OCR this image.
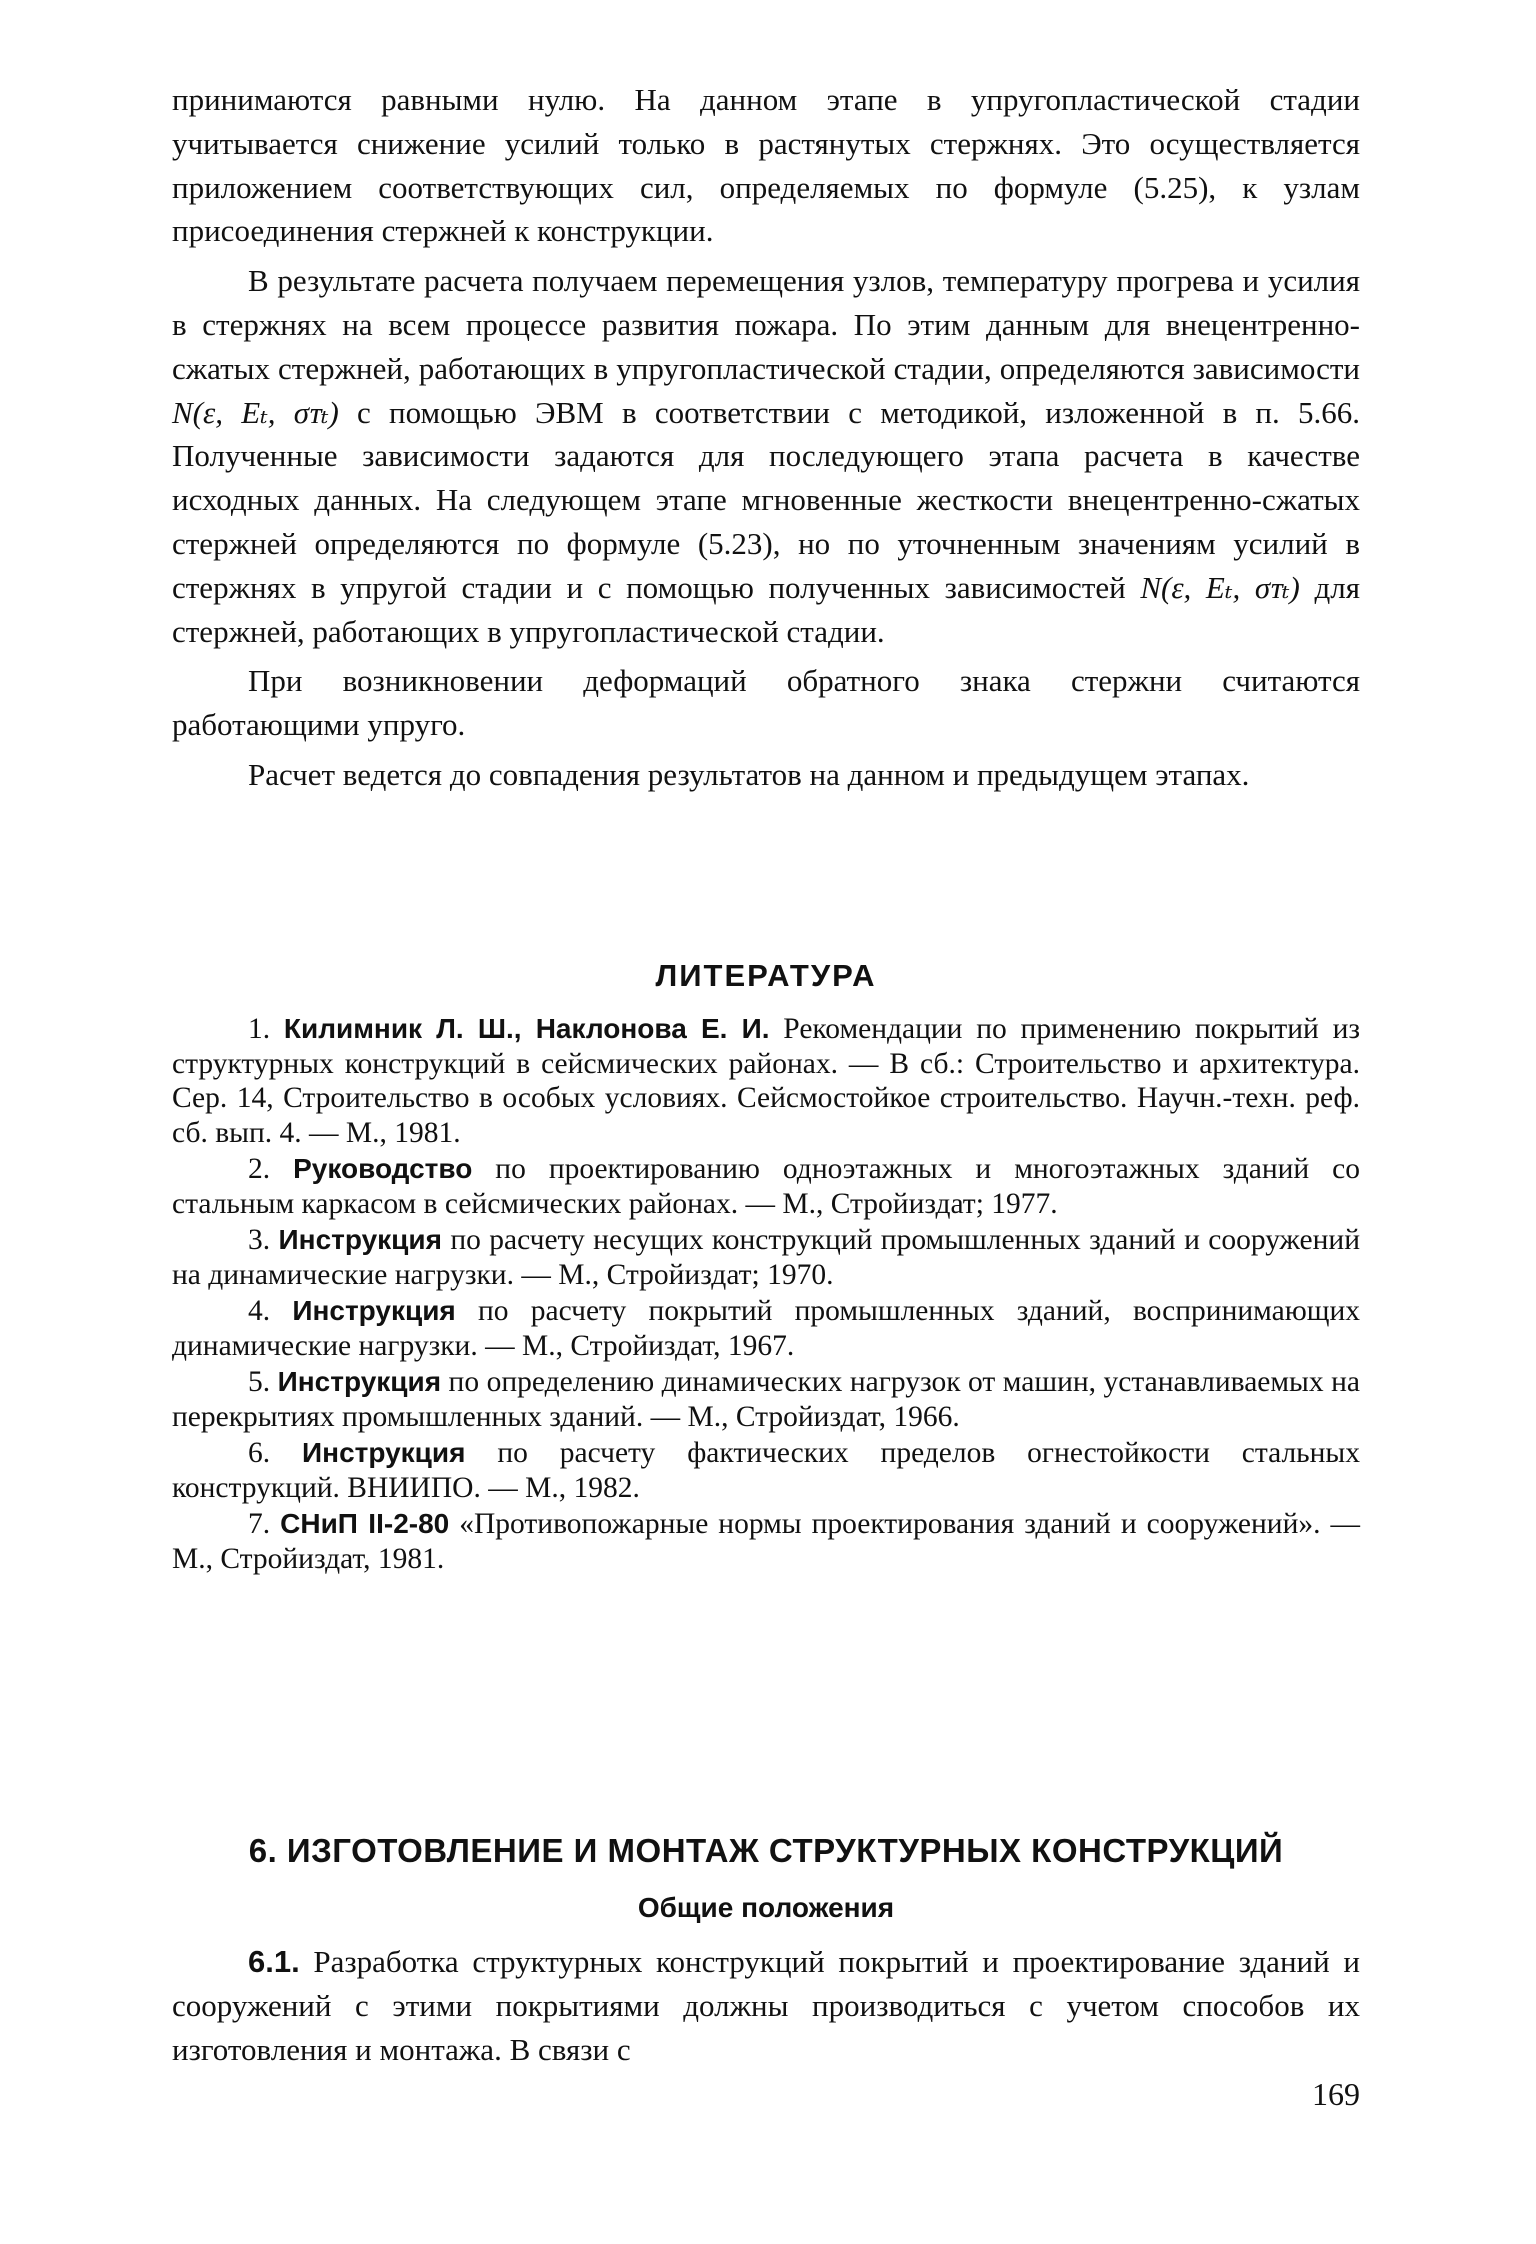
принимаются равными нулю. На данном этапе в упругопластической стадии учитывается снижение усилий только в растянутых стержнях. Это осуществляется приложением соответствующих сил, определяемых по формуле (5.25), к узлам присоединения стержней к конструкции.

В результате расчета получаем перемещения узлов, температуру прогрева и усилия в стержнях на всем процессе развития пожара. По этим данным для внецентренно-сжатых стержней, работающих в упругопластической стадии, определяются зависимости N(ε, Eₜ, σᴛₜ) с помощью ЭВМ в соответствии с методикой, изложенной в п. 5.66. Полученные зависимости задаются для последующего этапа расчета в качестве исходных данных. На следующем этапе мгновенные жесткости внецентренно-сжатых стержней определяются по формуле (5.23), но по уточненным значениям усилий в стержнях в упругой стадии и с помощью полученных зависимостей N(ε, Eₜ, σᴛₜ) для стержней, работающих в упругопластической стадии.

При возникновении деформаций обратного знака стержни считаются работающими упруго.

Расчет ведется до совпадения результатов на данном и предыдущем этапах.

ЛИТЕРАТУРА

1. Килимник Л. Ш., Наклонова Е. И. Рекомендации по применению покрытий из структурных конструкций в сейсмических районах. — В сб.: Строительство и архитектура. Сер. 14, Строительство в особых условиях. Сейсмостойкое строительство. Научн.-техн. реф. сб. вып. 4. — М., 1981.

2. Руководство по проектированию одноэтажных и многоэтажных зданий со стальным каркасом в сейсмических районах. — М., Стройиздат; 1977.

3. Инструкция по расчету несущих конструкций промышленных зданий и сооружений на динамические нагрузки. — М., Стройиздат; 1970.

4. Инструкция по расчету покрытий промышленных зданий, воспринимающих динамические нагрузки. — М., Стройиздат, 1967.

5. Инструкция по определению динамических нагрузок от машин, устанавливаемых на перекрытиях промышленных зданий. — М., Стройиздат, 1966.

6. Инструкция по расчету фактических пределов огнестойкости стальных конструкций. ВНИИПО. — М., 1982.

7. СНиП II-2-80 «Противопожарные нормы проектирования зданий и сооружений». — М., Стройиздат, 1981.

6. ИЗГОТОВЛЕНИЕ И МОНТАЖ СТРУКТУРНЫХ КОНСТРУКЦИЙ

Общие положения

6.1. Разработка структурных конструкций покрытий и проектирование зданий и сооружений с этими покрытиями должны производиться с учетом способов их изготовления и монтажа. В связи с

169
